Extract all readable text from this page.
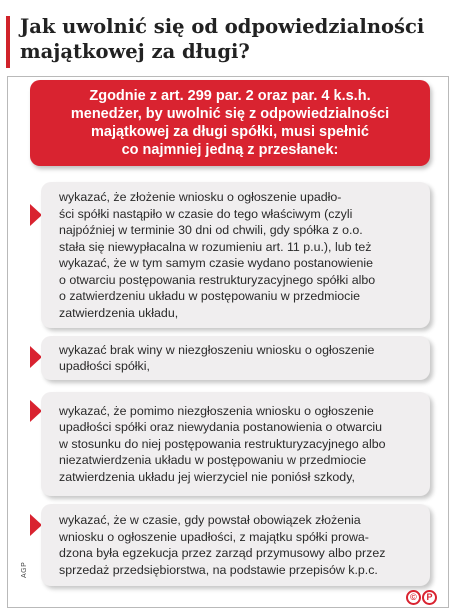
Jak uwolnić się od odpowiedzialności
majątkowej za długi?
Zgodnie z art. 299 par. 2 oraz par. 4 k.s.h.
menedżer, by uwolnić się z odpowiedzialności
majątkowej za długi spółki, musi spełnić
co najmniej jedną z przesłanek:
wykazać, że złożenie wniosku o ogłoszenie upadło-
ści spółki nastąpiło w czasie do tego właściwym (czyli
najpóźniej w terminie 30 dni od chwili, gdy spółka z o.o.
stała się niewypłacalna w rozumieniu art. 11 p.u.), lub też
wykazać, że w tym samym czasie wydano postanowienie
o otwarciu postępowania restrukturyzacyjnego spółki albo
o zatwierdzeniu układu w postępowaniu w przedmiocie
zatwierdzenia układu,
wykazać brak winy w niezgłoszeniu wniosku o ogłoszenie
upadłości spółki,
wykazać, że pomimo niezgłoszenia wniosku o ogłoszenie
upadłości spółki oraz niewydania postanowienia o otwarciu
w stosunku do niej postępowania restrukturyzacyjnego albo
niezatwierdzenia układu w postępowaniu w przedmiocie
zatwierdzenia układu jej wierzyciel nie poniósł szkody,
wykazać, że w czasie, gdy powstał obowiązek złożenia
wniosku o ogłoszenie upadłości, z majątku spółki prowa-
dzona była egzekucja przez zarząd przymusowy albo przez
sprzedaż przedsiębiorstwa, na podstawie przepisów k.p.c.
AGP
©	P
